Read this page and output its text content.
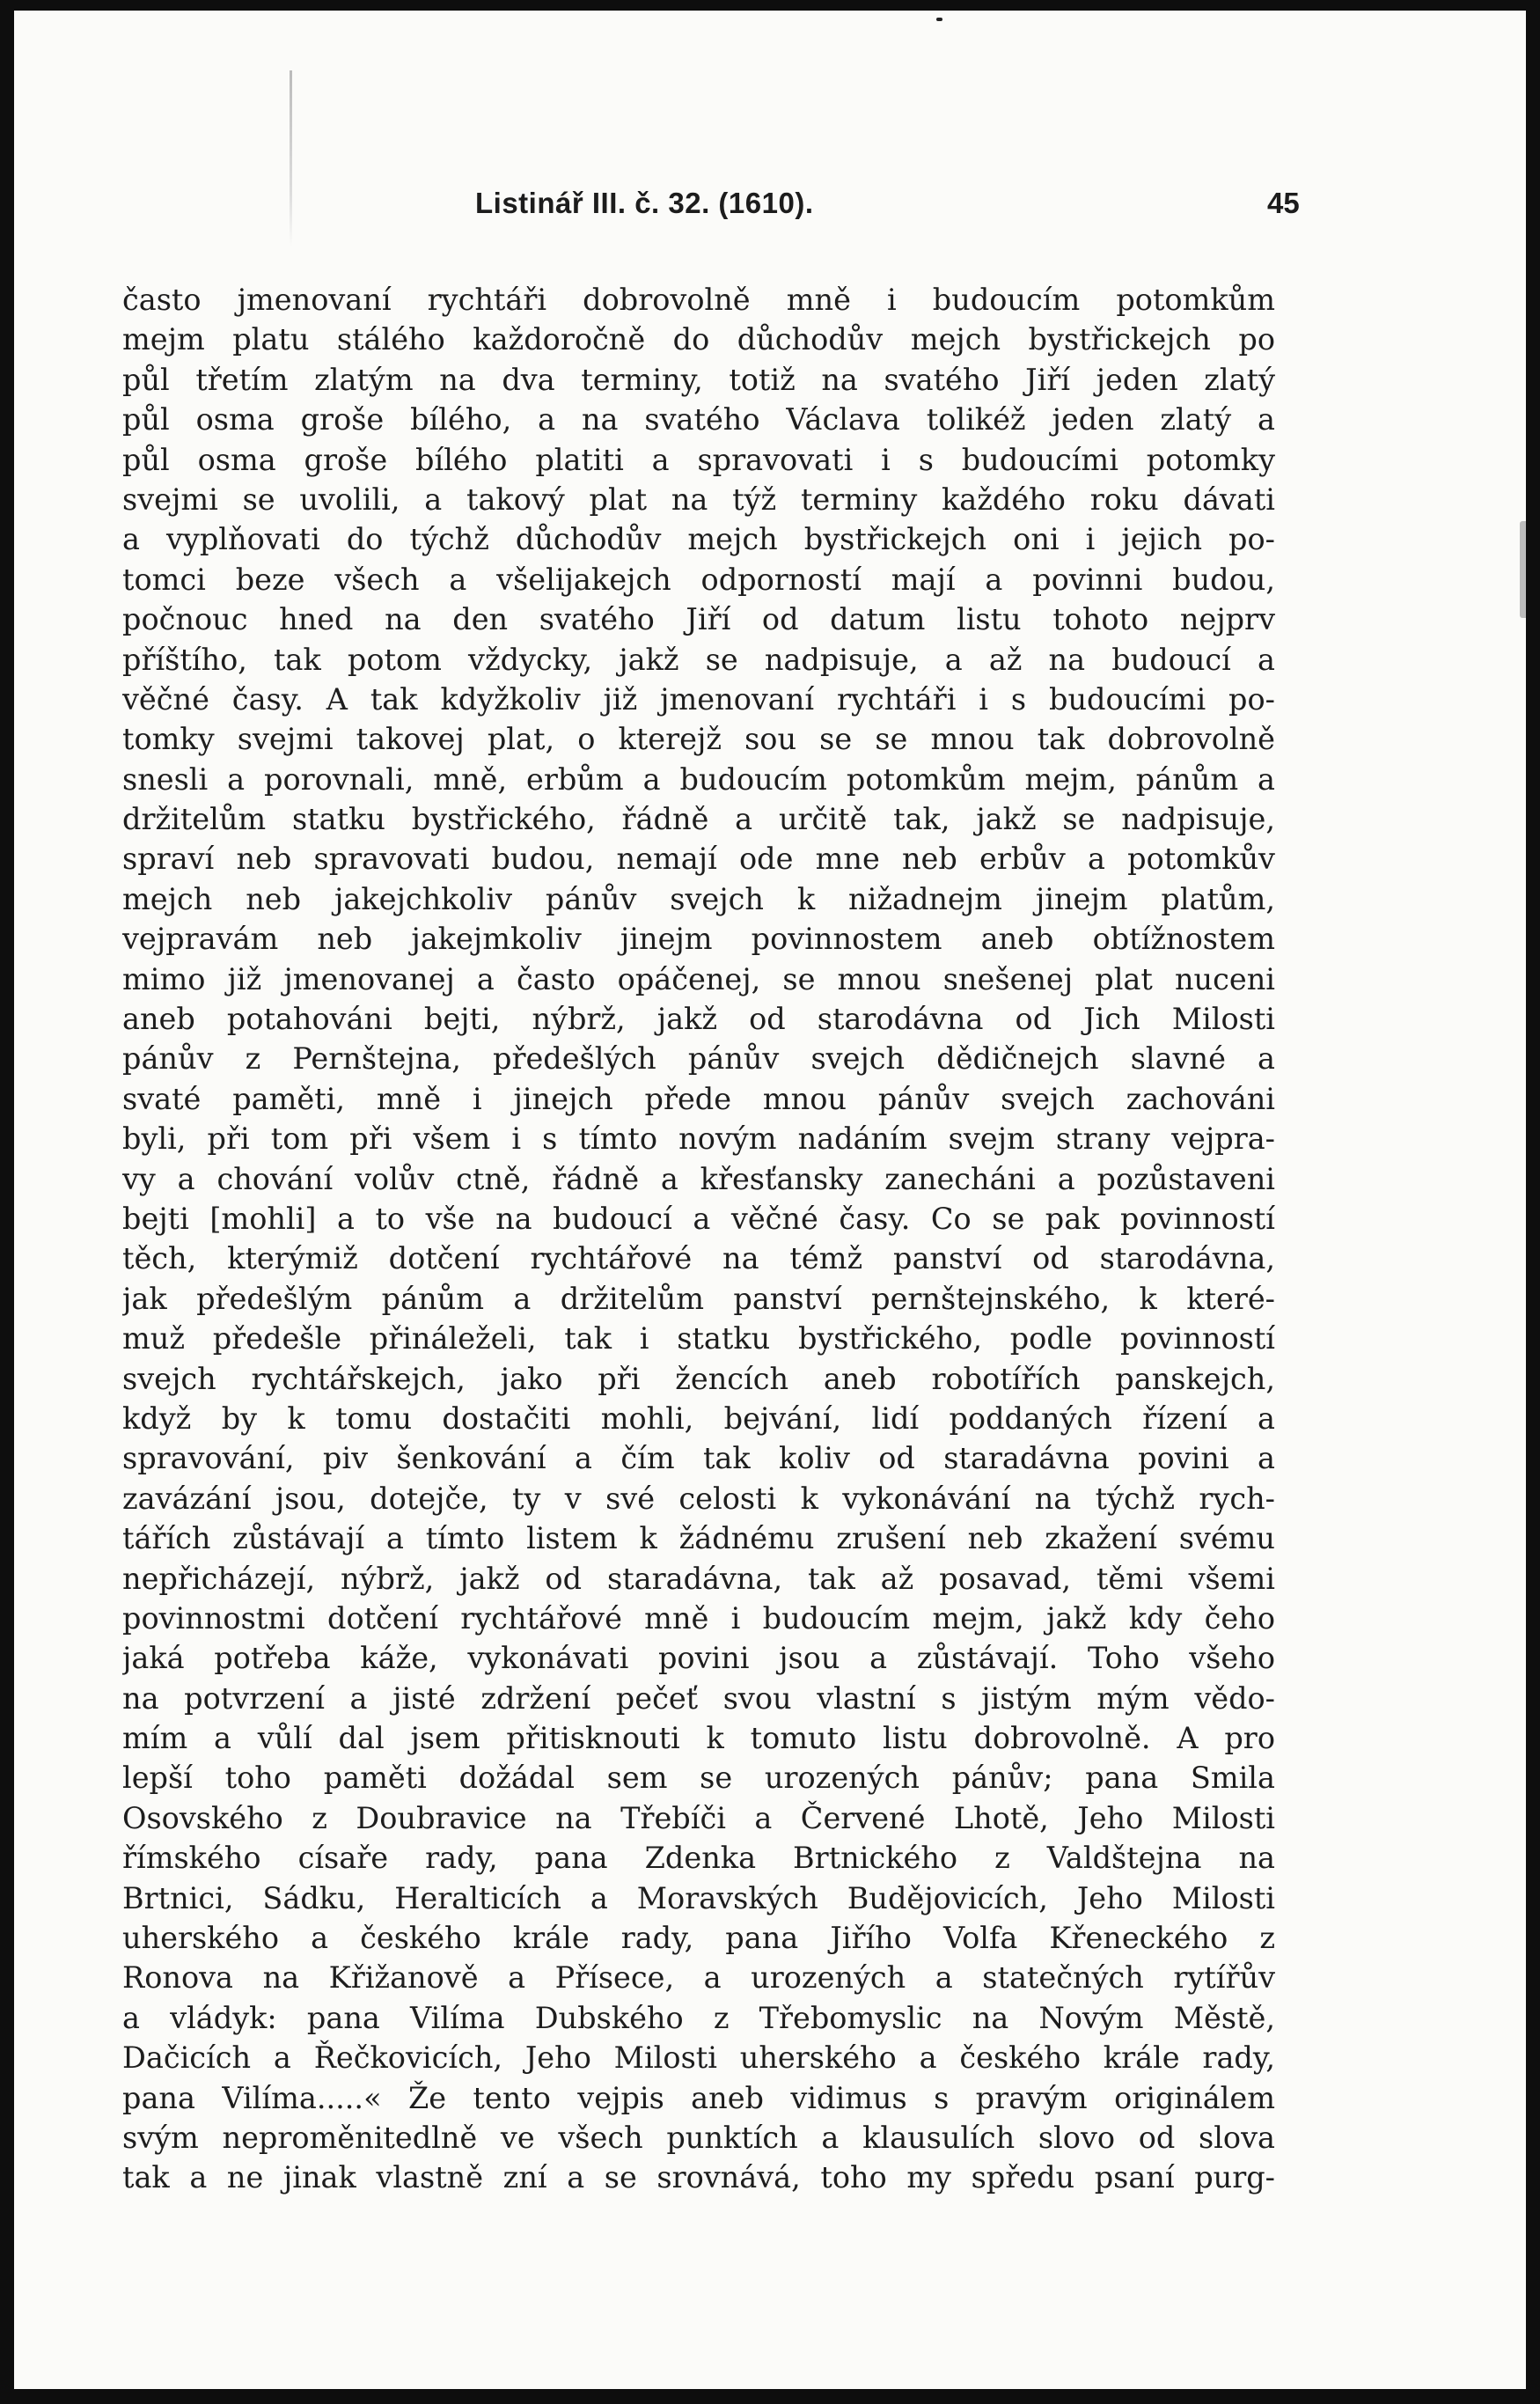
Listinář III. č. 32. (1610).	45
často jmenovaní rychtáři dobrovolně mně i budoucím potomkům
mejm platu stálého každoročně do důchodův mejch bystřickejch po
půl třetím zlatým na dva terminy, totiž na svatého Jiří jeden zlatý
půl osma groše bílého, a na svatého Václava tolikéž jeden zlatý a
půl osma groše bílého platiti a spravovati i s budoucími potomky
svejmi se uvolili, a takový plat na týž terminy každého roku dávati
a vyplňovati do týchž důchodův mejch bystřickejch oni i jejich po-
tomci beze všech a všelijakejch odporností mají a povinni budou,
počnouc hned na den svatého Jiří od datum listu tohoto nejprv
příštího, tak potom vždycky, jakž se nadpisuje, a až na budoucí a
věčné časy. A tak kdyžkoliv již jmenovaní rychtáři i s budoucími po-
tomky svejmi takovej plat, o kterejž sou se se mnou tak dobrovolně
snesli a porovnali, mně, erbům a budoucím potomkům mejm, pánům a
držitelům statku bystřického, řádně a určitě tak, jakž se nadpisuje,
spraví neb spravovati budou, nemají ode mne neb erbův a potomkův
mejch neb jakejchkoliv pánův svejch k nižadnejm jinejm platům,
vejpravám neb jakejmkoliv jinejm povinnostem aneb obtížnostem
mimo již jmenovanej a často opáčenej, se mnou snešenej plat nuceni
aneb potahováni bejti, nýbrž, jakž od starodávna od Jich Milosti
pánův z Pernštejna, předešlých pánův svejch dědičnejch slavné a
svaté paměti, mně i jinejch přede mnou pánův svejch zachováni
byli, při tom při všem i s tímto novým nadáním svejm strany vejpra-
vy a chování volův ctně, řádně a křesťansky zanecháni a pozůstaveni
bejti [mohli] a to vše na budoucí a věčné časy. Co se pak povinností
těch, kterýmiž dotčení rychtářové na témž panství od starodávna,
jak předešlým pánům a držitelům panství pernštejnského, k které-
muž předešle přináleželi, tak i statku bystřického, podle povinností
svejch rychtářskejch, jako při žencích aneb robotířích panskejch,
když by k tomu dostačiti mohli, bejvání, lidí poddaných řízení a
spravování, piv šenkování a čím tak koliv od staradávna povini a
zavázání jsou, dotejče, ty v své celosti k vykonávání na týchž rych-
tářích zůstávají a tímto listem k žádnému zrušení neb zkažení svému
nepřicházejí, nýbrž, jakž od staradávna, tak až posavad, těmi všemi
povinnostmi dotčení rychtářové mně i budoucím mejm, jakž kdy čeho
jaká potřeba káže, vykonávati povini jsou a zůstávají. Toho všeho
na potvrzení a jisté zdržení pečeť svou vlastní s jistým mým vědo-
mím a vůlí dal jsem přitisknouti k tomuto listu dobrovolně. A pro
lepší toho paměti dožádal sem se urozených pánův; pana Smila
Osovského z Doubravice na Třebíči a Červené Lhotě, Jeho Milosti
římského císaře rady, pana Zdenka Brtnického z Valdštejna na
Brtnici, Sádku, Heralticích a Moravských Budějovicích, Jeho Milosti
uherského a českého krále rady, pana Jiřího Volfa Křeneckého z
Ronova na Křižanově a Přísece, a urozených a statečných rytířův
a vládyk: pana Vilíma Dubského z Třebomyslic na Novým Městě,
Dačicích a Řečkovicích, Jeho Milosti uherského a českého krále rady,
pana Vilíma.....« Že tento vejpis aneb vidimus s pravým originálem
svým neproměnitedlně ve všech punktích a klausulích slovo od slova
tak a ne jinak vlastně zní a se srovnává, toho my spředu psaní purg-
